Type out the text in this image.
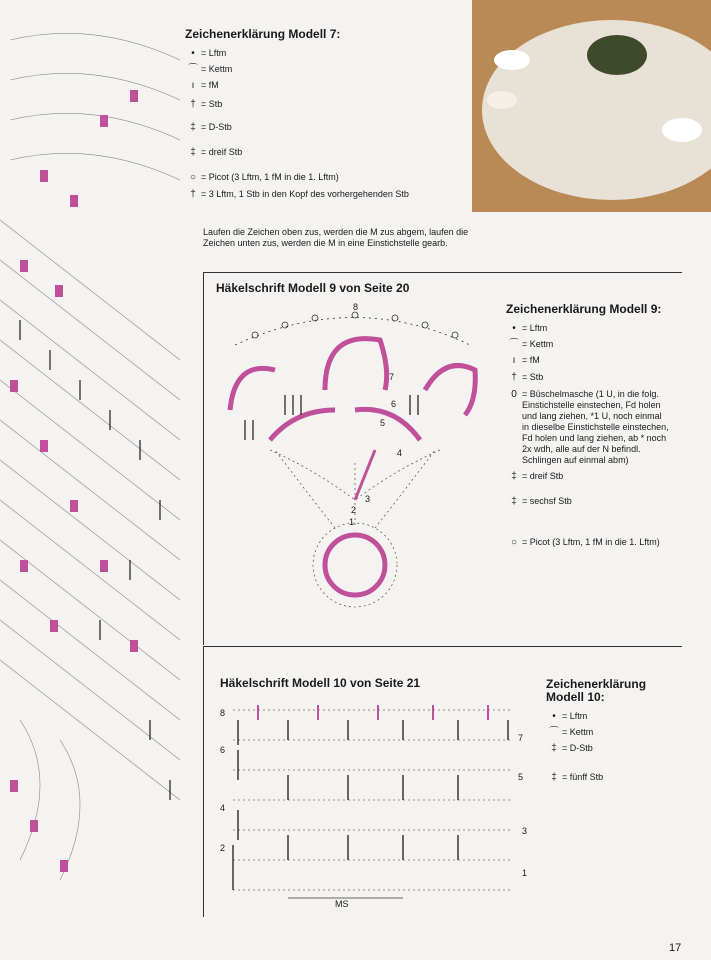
Zeichenerklärung Modell 7:
• = Lftm
⌒ = Kettm
ı = fM
† = Stb
‡ = D-Stb
‡ = dreif Stb
○ = Picot (3 Lftm, 1 fM in die 1. Lftm)
† = 3 Lftm, 1 Stb in den Kopf des vorhergehenden Stb
Laufen die Zeichen oben zus, werden die M zus abgem, laufen die
Zeichen unten zus, werden die M in eine Einstichstelle gearb.
Häkelschrift Modell 9 von Seite 20
1
2
3
4
5
6
7
8	Zeichenerklärung Modell 9:
• = Lftm
⌒ = Kettm
ı = fM
† = Stb
0 = Büschelmasche (1 U, in die folg.
Einstichstelle einstechen, Fd holen
und lang ziehen, *1 U, noch einmal
in dieselbe Einstichstelle einstechen,
Fd holen und lang ziehen, ab * noch
2x wdh, alle auf der N befindl.
Schlingen auf einmal abm)
‡ = dreif Stb
‡ = sechsf Stb
○ = Picot (3 Lftm, 1 fM in die 1. Lftm)
Häkelschrift Modell 10 von Seite 21
8
6
4
2
7
5
3
1
MS
Zeichenerklärung
Modell 10:
• = Lftm
⌒ = Kettm
‡ = D-Stb
‡ = fünff Stb
17
